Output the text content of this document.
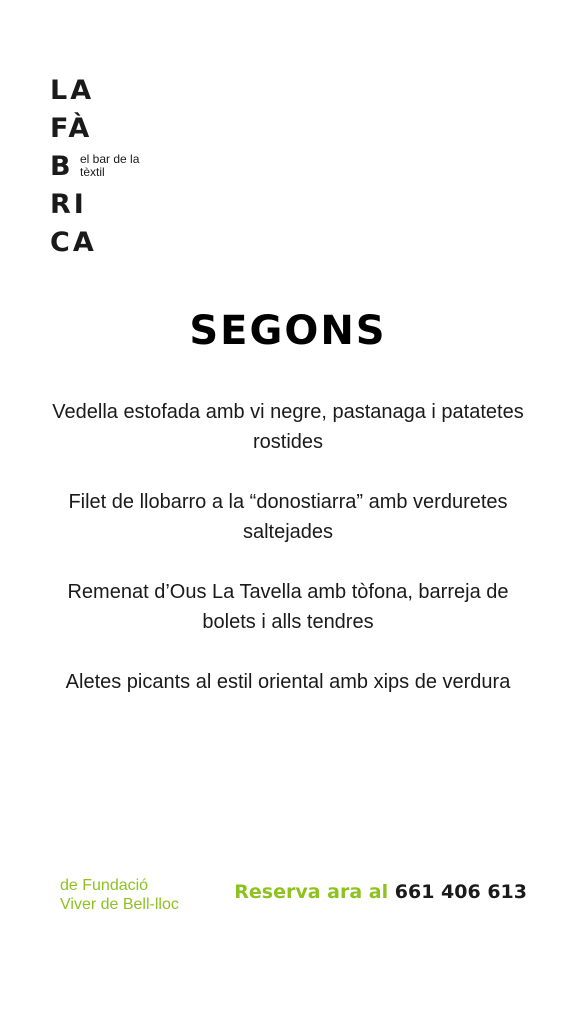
LA
FÀ
B el bar de la tèxtil
RI
CA
SEGONS
Vedella estofada amb vi negre, pastanaga i patatetes rostides
Filet de llobarro a la “donostiarra” amb verduretes saltejades
Remenat d’Ous La Tavella amb tòfona, barreja de bolets i alls tendres
Aletes picants al estil oriental amb xips de verdura
de Fundació
Viver de Bell-lloc
Reserva ara al 661 406 613
